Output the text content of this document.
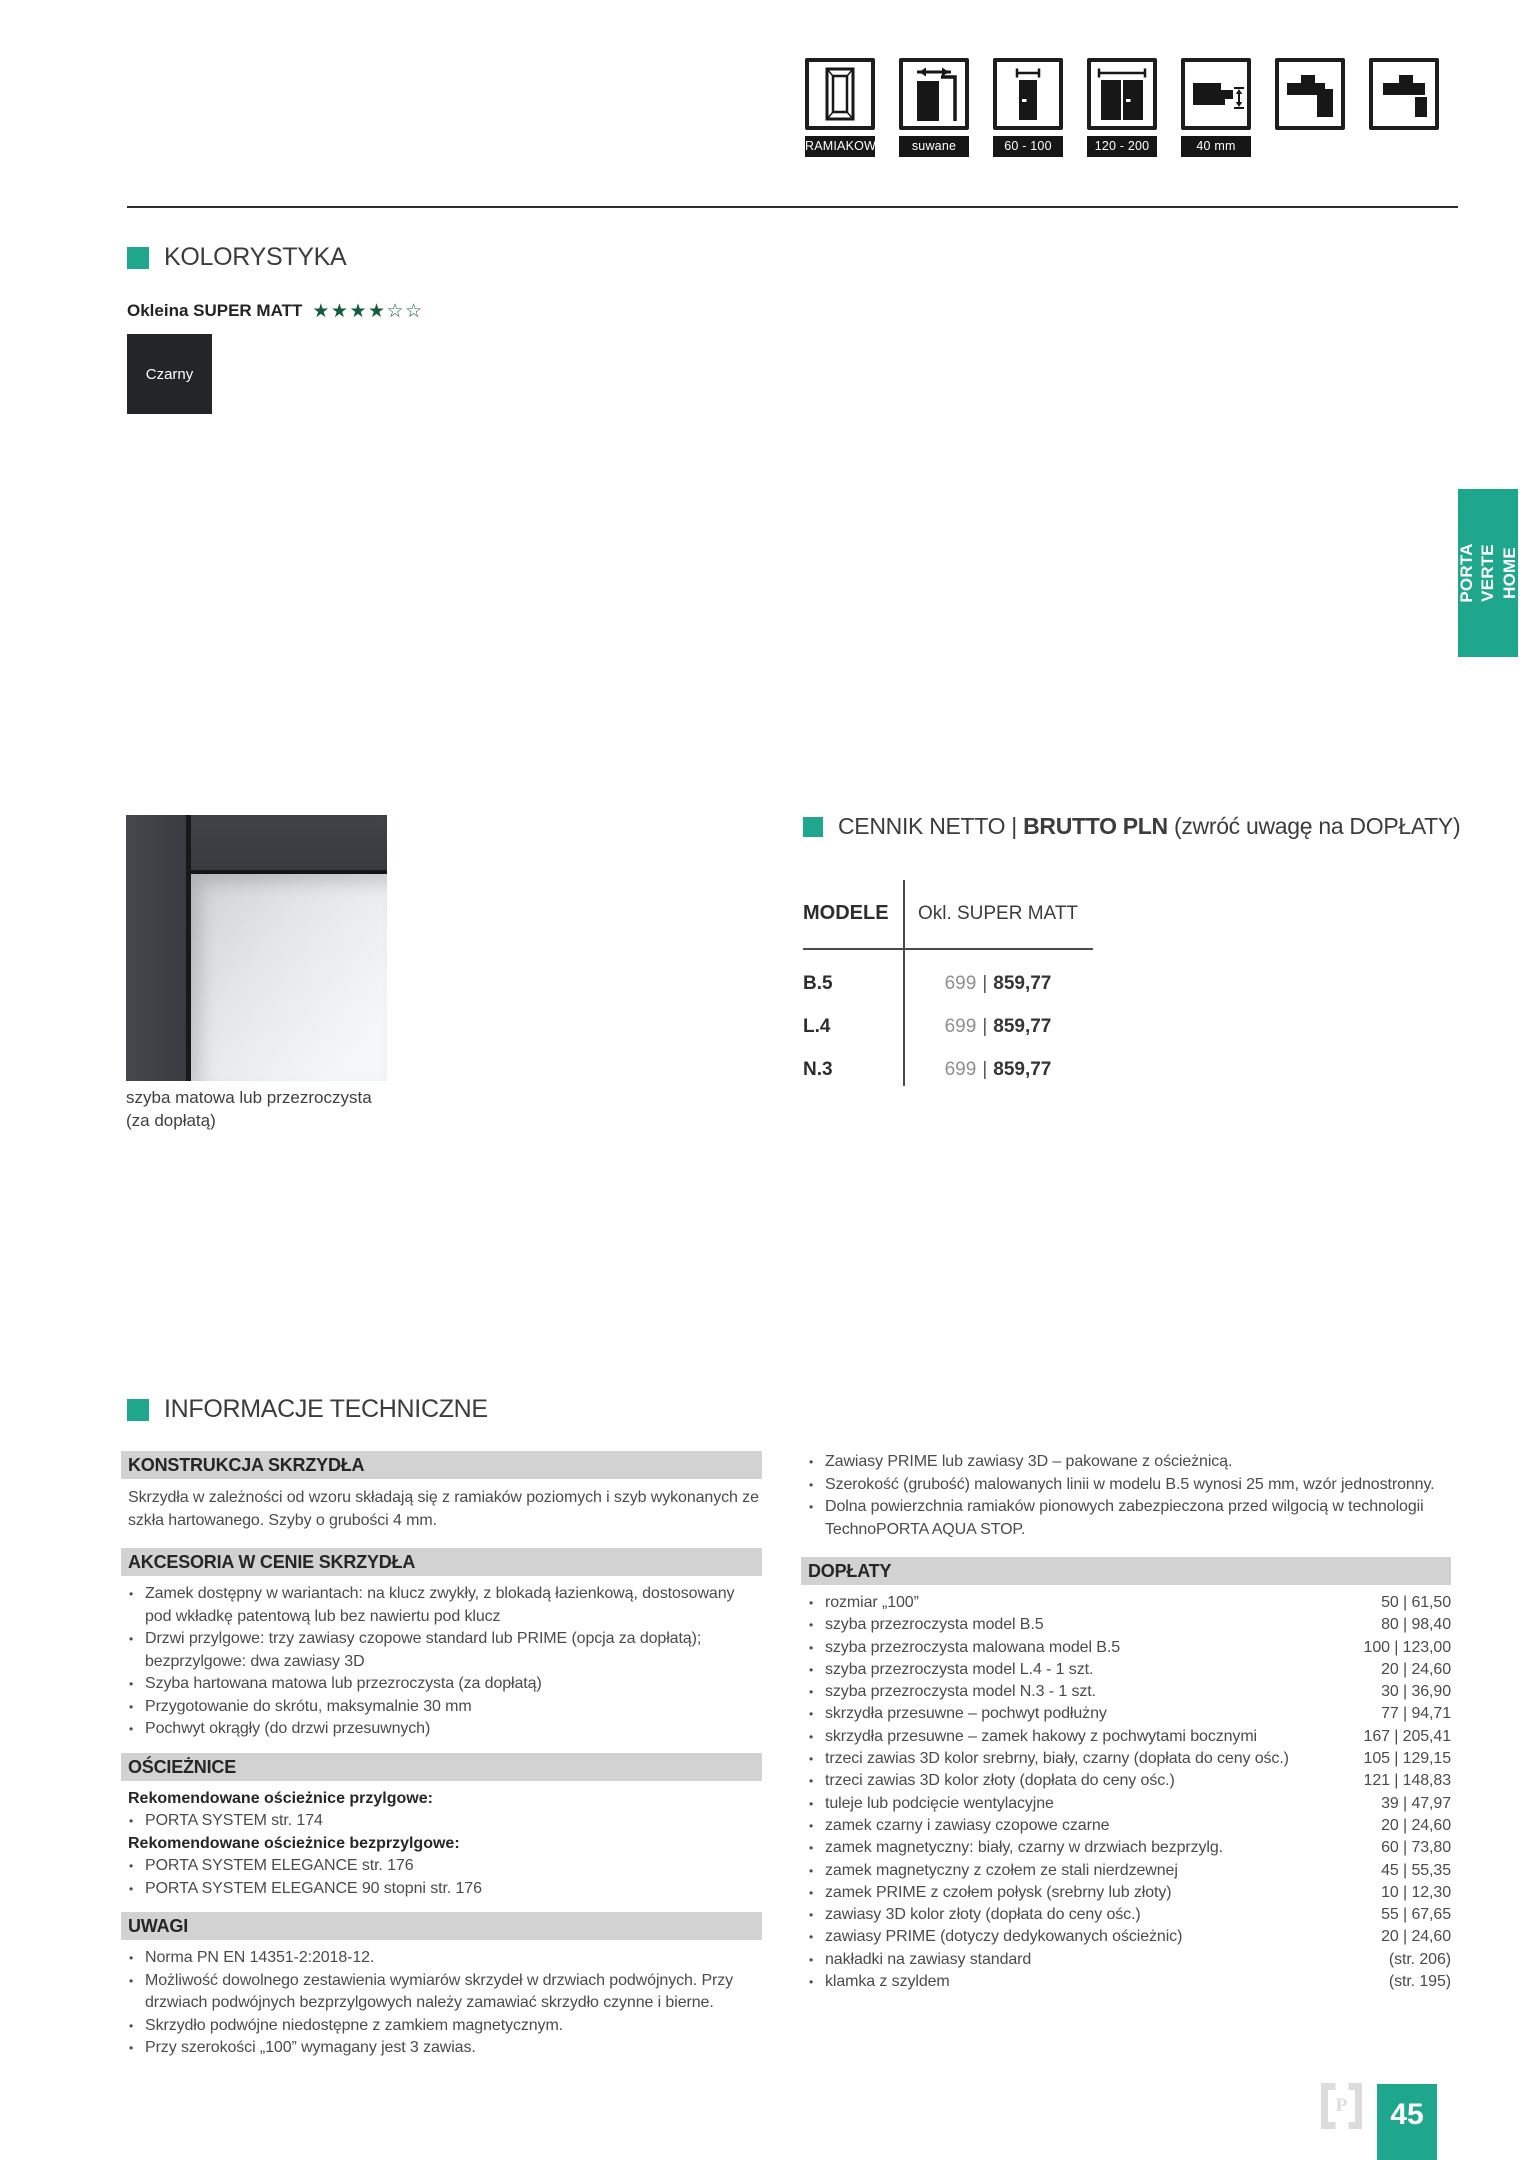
RAMIAKOWE	suwane	60 - 100	120 - 200	40 mm
KOLORYSTYKA
Okleina SUPER MATT ★★★★☆☆
Czarny
PORTA VERTE HOME
szyba matowa lub przezroczysta
(za dopłatą)
CENNIK NETTO | BRUTTO PLN (zwróć uwagę na DOPŁATY)
MODELE	Okl. SUPER MATT
B.5	699 | 859,77
L.4	699 | 859,77
N.3	699 | 859,77
INFORMACJE TECHNICZNE
KONSTRUKCJA SKRZYDŁA
Skrzydła w zależności od wzoru składają się z ramiaków poziomych i szyb wykonanych ze szkła hartowanego. Szyby o grubości 4 mm.
AKCESORIA W CENIE SKRZYDŁA
• Zamek dostępny w wariantach: na klucz zwykły, z blokadą łazienkową, dostosowany pod wkładkę patentową lub bez nawiertu pod klucz
• Drzwi przylgowe: trzy zawiasy czopowe standard lub PRIME (opcja za dopłatą); bezprzylgowe: dwa zawiasy 3D
• Szyba hartowana matowa lub przezroczysta (za dopłatą)
• Przygotowanie do skrótu, maksymalnie 30 mm
• Pochwyt okrągły (do drzwi przesuwnych)
OŚCIEŻNICE
Rekomendowane ościeżnice przylgowe:
• PORTA SYSTEM str. 174
Rekomendowane ościeżnice bezprzylgowe:
• PORTA SYSTEM ELEGANCE str. 176
• PORTA SYSTEM ELEGANCE 90 stopni str. 176
UWAGI
• Norma PN EN 14351-2:2018-12.
• Możliwość dowolnego zestawienia wymiarów skrzydeł w drzwiach podwójnych. Przy drzwiach podwójnych bezprzylgowych należy zamawiać skrzydło czynne i bierne.
• Skrzydło podwójne niedostępne z zamkiem magnetycznym.
• Przy szerokości „100” wymagany jest 3 zawias.
• Zawiasy PRIME lub zawiasy 3D – pakowane z ościeżnicą.
• Szerokość (grubość) malowanych linii w modelu B.5 wynosi 25 mm, wzór jednostronny.
• Dolna powierzchnia ramiaków pionowych zabezpieczona przed wilgocią w technologii TechnoPORTA AQUA STOP.
DOPŁATY
• rozmiar „100”	50 | 61,50
• szyba przezroczysta model B.5	80 | 98,40
• szyba przezroczysta malowana model B.5	100 | 123,00
• szyba przezroczysta model L.4 - 1 szt.	20 | 24,60
• szyba przezroczysta model N.3 - 1 szt.	30 | 36,90
• skrzydła przesuwne – pochwyt podłużny	77 | 94,71
• skrzydła przesuwne – zamek hakowy z pochwytami bocznymi	167 | 205,41
• trzeci zawias 3D kolor srebrny, biały, czarny (dopłata do ceny ośc.)	105 | 129,15
• trzeci zawias 3D kolor złoty (dopłata do ceny ośc.)	121 | 148,83
• tuleje lub podcięcie wentylacyjne	39 | 47,97
• zamek czarny i zawiasy czopowe czarne	20 | 24,60
• zamek magnetyczny: biały, czarny w drzwiach bezprzylg.	60 | 73,80
• zamek magnetyczny z czołem ze stali nierdzewnej	45 | 55,35
• zamek PRIME z czołem połysk (srebrny lub złoty)	10 | 12,30
• zawiasy 3D kolor złoty (dopłata do ceny ośc.)	55 | 67,65
• zawiasy PRIME (dotyczy dedykowanych ościeżnic)	20 | 24,60
• nakładki na zawiasy standard	(str. 206)
• klamka z szyldem	(str. 195)
P 45
